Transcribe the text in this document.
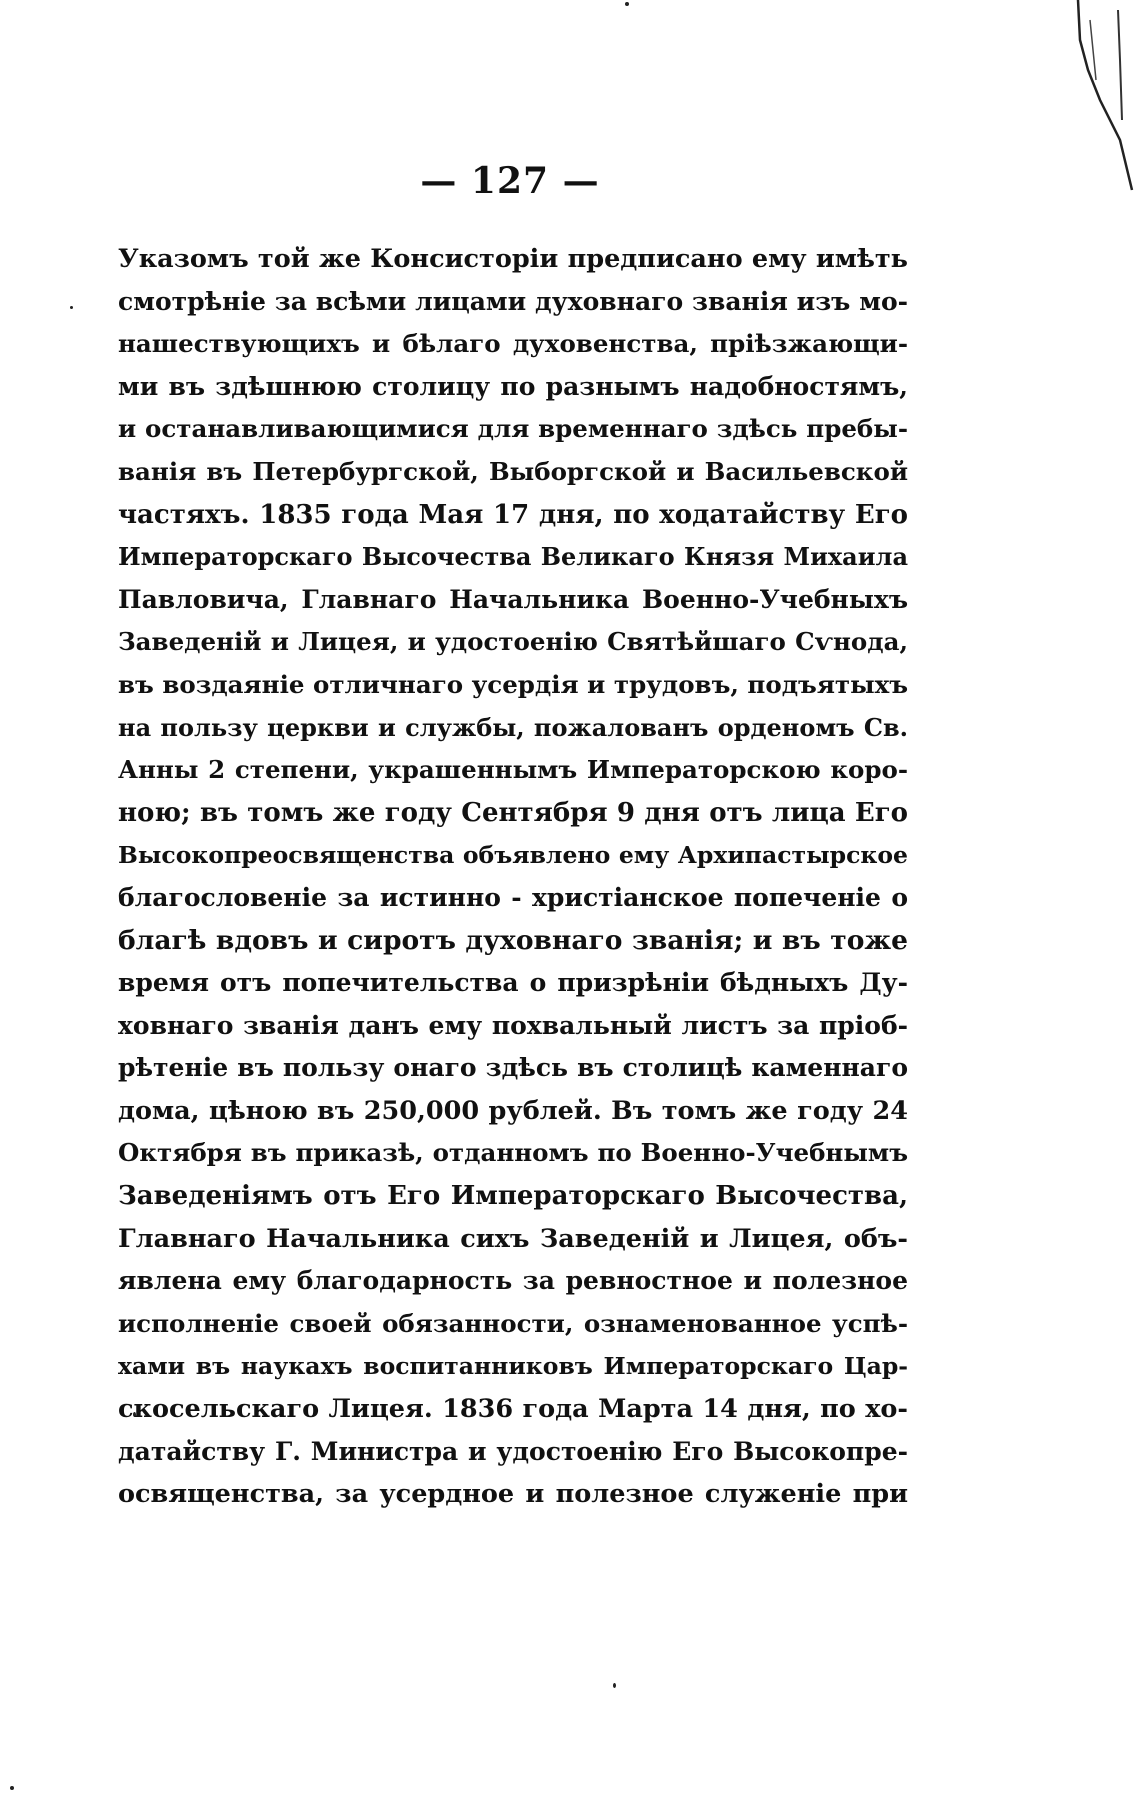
— 127 —
Указомъ той же Консисторіи предписано ему имѣть
смотрѣніе за всѣми лицами духовнаго званія изъ мо-
нашествующихъ и бѣлаго духовенства, пріѣзжающи-
ми въ здѣшнюю столицу по разнымъ надобностямъ,
и останавливающимися для временнаго здѣсь пребы-
ванія въ Петербургской, Выборгской и Васильевской
частяхъ. 1835 года Мая 17 дня, по ходатайству Его
Императорскаго Высочества Великаго Князя Михаила
Павловича, Главнаго Начальника Военно-Учебныхъ
Заведеній и Лицея, и удостоенію Святѣйшаго Сѵнода,
въ воздаяніе отличнаго усердія и трудовъ, подъятыхъ
на пользу церкви и службы, пожалованъ орденомъ Св.
Анны 2 степени, украшеннымъ Императорскою коро-
ною; въ томъ же году Сентября 9 дня отъ лица Его
Высокопреосвященства объявлено ему Архипастырское
благословеніе за истинно - христіанское попеченіе о
благѣ вдовъ и сиротъ духовнаго званія; и въ тоже
время отъ попечительства о призрѣніи бѣдныхъ Ду-
ховнаго званія данъ ему похвальный листъ за пріоб-
рѣтеніе въ пользу онаго здѣсь въ столицѣ каменнаго
дома, цѣною въ 250,000 рублей. Въ томъ же году 24
Октября въ приказѣ, отданномъ по Военно-Учебнымъ
Заведеніямъ отъ Его Императорскаго Высочества,
Главнаго Начальника сихъ Заведеній и Лицея, объ-
явлена ему благодарность за ревностное и полезное
исполненіе своей обязанности, ознаменованное успѣ-
хами въ наукахъ воспитанниковъ Императорскаго Цар-
скосельскаго Лицея. 1836 года Марта 14 дня, по хо-
датайству Г. Министра и удостоенію Его Высокопре-
освященства, за усердное и полезное служеніе при
